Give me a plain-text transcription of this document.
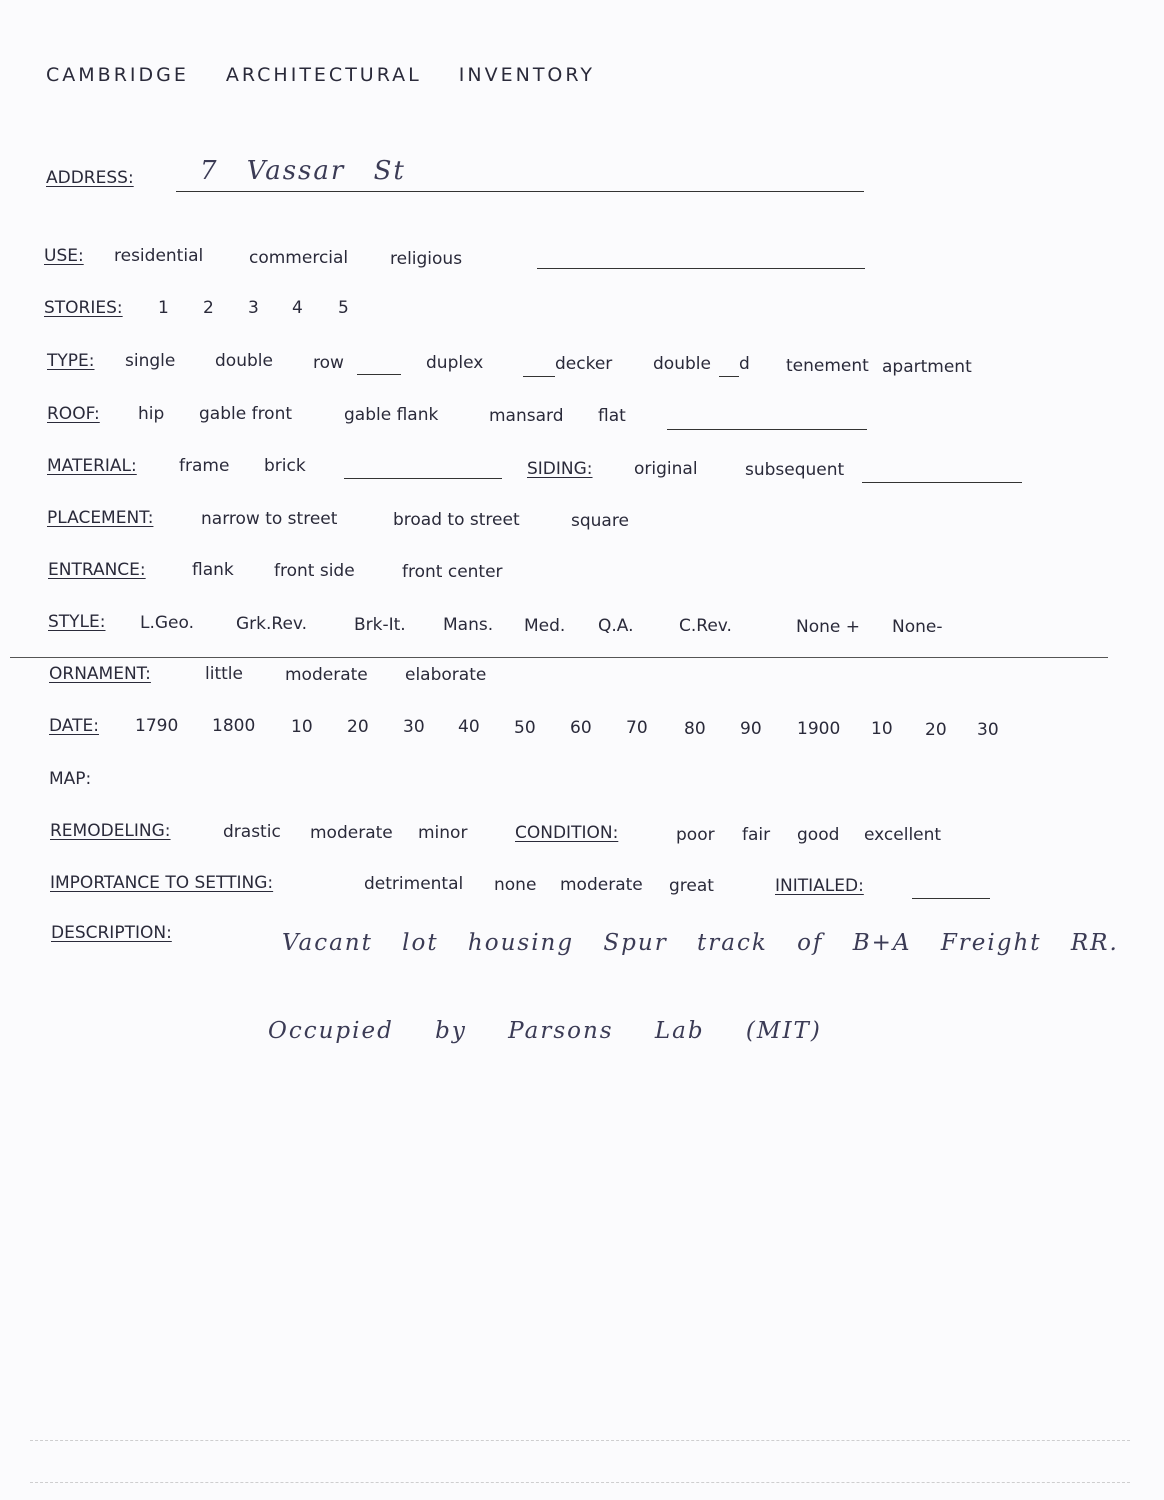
CAMBRIDGE ARCHITECTURAL INVENTORY
ADDRESS:	7 Vassar St
USE: residential	commercial religious
STORIES: 1 2 3 4 5
TYPE: single double row	duplex	decker double d tenement apartment
ROOF: hip gable front	gable flank	mansard flat
MATERIAL: frame brick	SIDING: original	subsequent
PLACEMENT:	narrow to street	broad to street	square
ENTRANCE:	flank front side	front center
STYLE: L.Geo. Grk.Rev.	Brk-It. Mans. Med. Q.A.	C.Rev.	None + None-
ORNAMENT:	little moderate elaborate
DATE: 1790 1800 10 20 30 40 50 60 70 80 90 1900 10 20 30
MAP:
REMODELING:	drastic moderate minor	CONDITION:	poor fair good excellent
IMPORTANCE TO SETTING:	detrimental none moderate great	INITIALED:
DESCRIPTION:	Vacant lot housing Spur track of B+A Freight RR.
Occupied by Parsons Lab (MIT)
